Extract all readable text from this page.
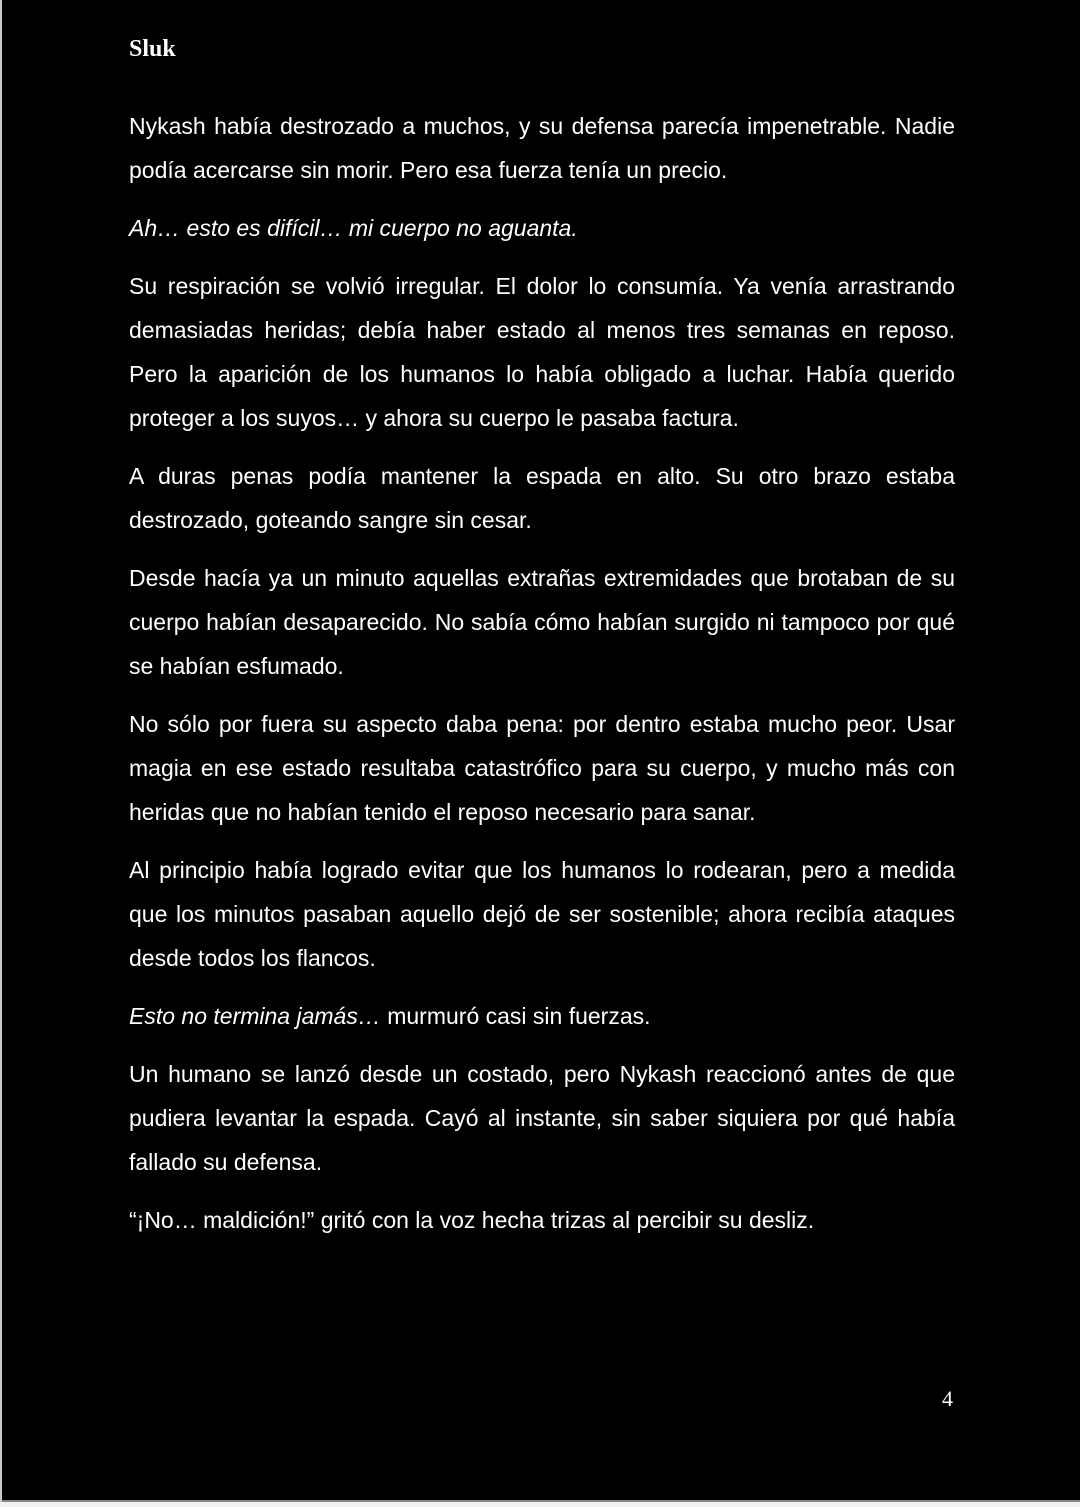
Sluk

Nykash había destrozado a muchos, y su defensa parecía impenetrable. Nadie podía acercarse sin morir. Pero esa fuerza tenía un precio.

Ah… esto es difícil… mi cuerpo no aguanta.

Su respiración se volvió irregular. El dolor lo consumía. Ya venía arrastrando demasiadas heridas; debía haber estado al menos tres semanas en reposo. Pero la aparición de los humanos lo había obligado a luchar. Había querido proteger a los suyos… y ahora su cuerpo le pasaba factura.

A duras penas podía mantener la espada en alto. Su otro brazo estaba destrozado, goteando sangre sin cesar.

Desde hacía ya un minuto aquellas extrañas extremidades que brotaban de su cuerpo habían desaparecido. No sabía cómo habían surgido ni tampoco por qué se habían esfumado.

No sólo por fuera su aspecto daba pena: por dentro estaba mucho peor. Usar magia en ese estado resultaba catastrófico para su cuerpo, y mucho más con heridas que no habían tenido el reposo necesario para sanar.

Al principio había logrado evitar que los humanos lo rodearan, pero a medida que los minutos pasaban aquello dejó de ser sostenible; ahora recibía ataques desde todos los flancos.

Esto no termina jamás… murmuró casi sin fuerzas.

Un humano se lanzó desde un costado, pero Nykash reaccionó antes de que pudiera levantar la espada. Cayó al instante, sin saber siquiera por qué había fallado su defensa.

“¡No… maldición!” gritó con la voz hecha trizas al percibir su desliz.

4
